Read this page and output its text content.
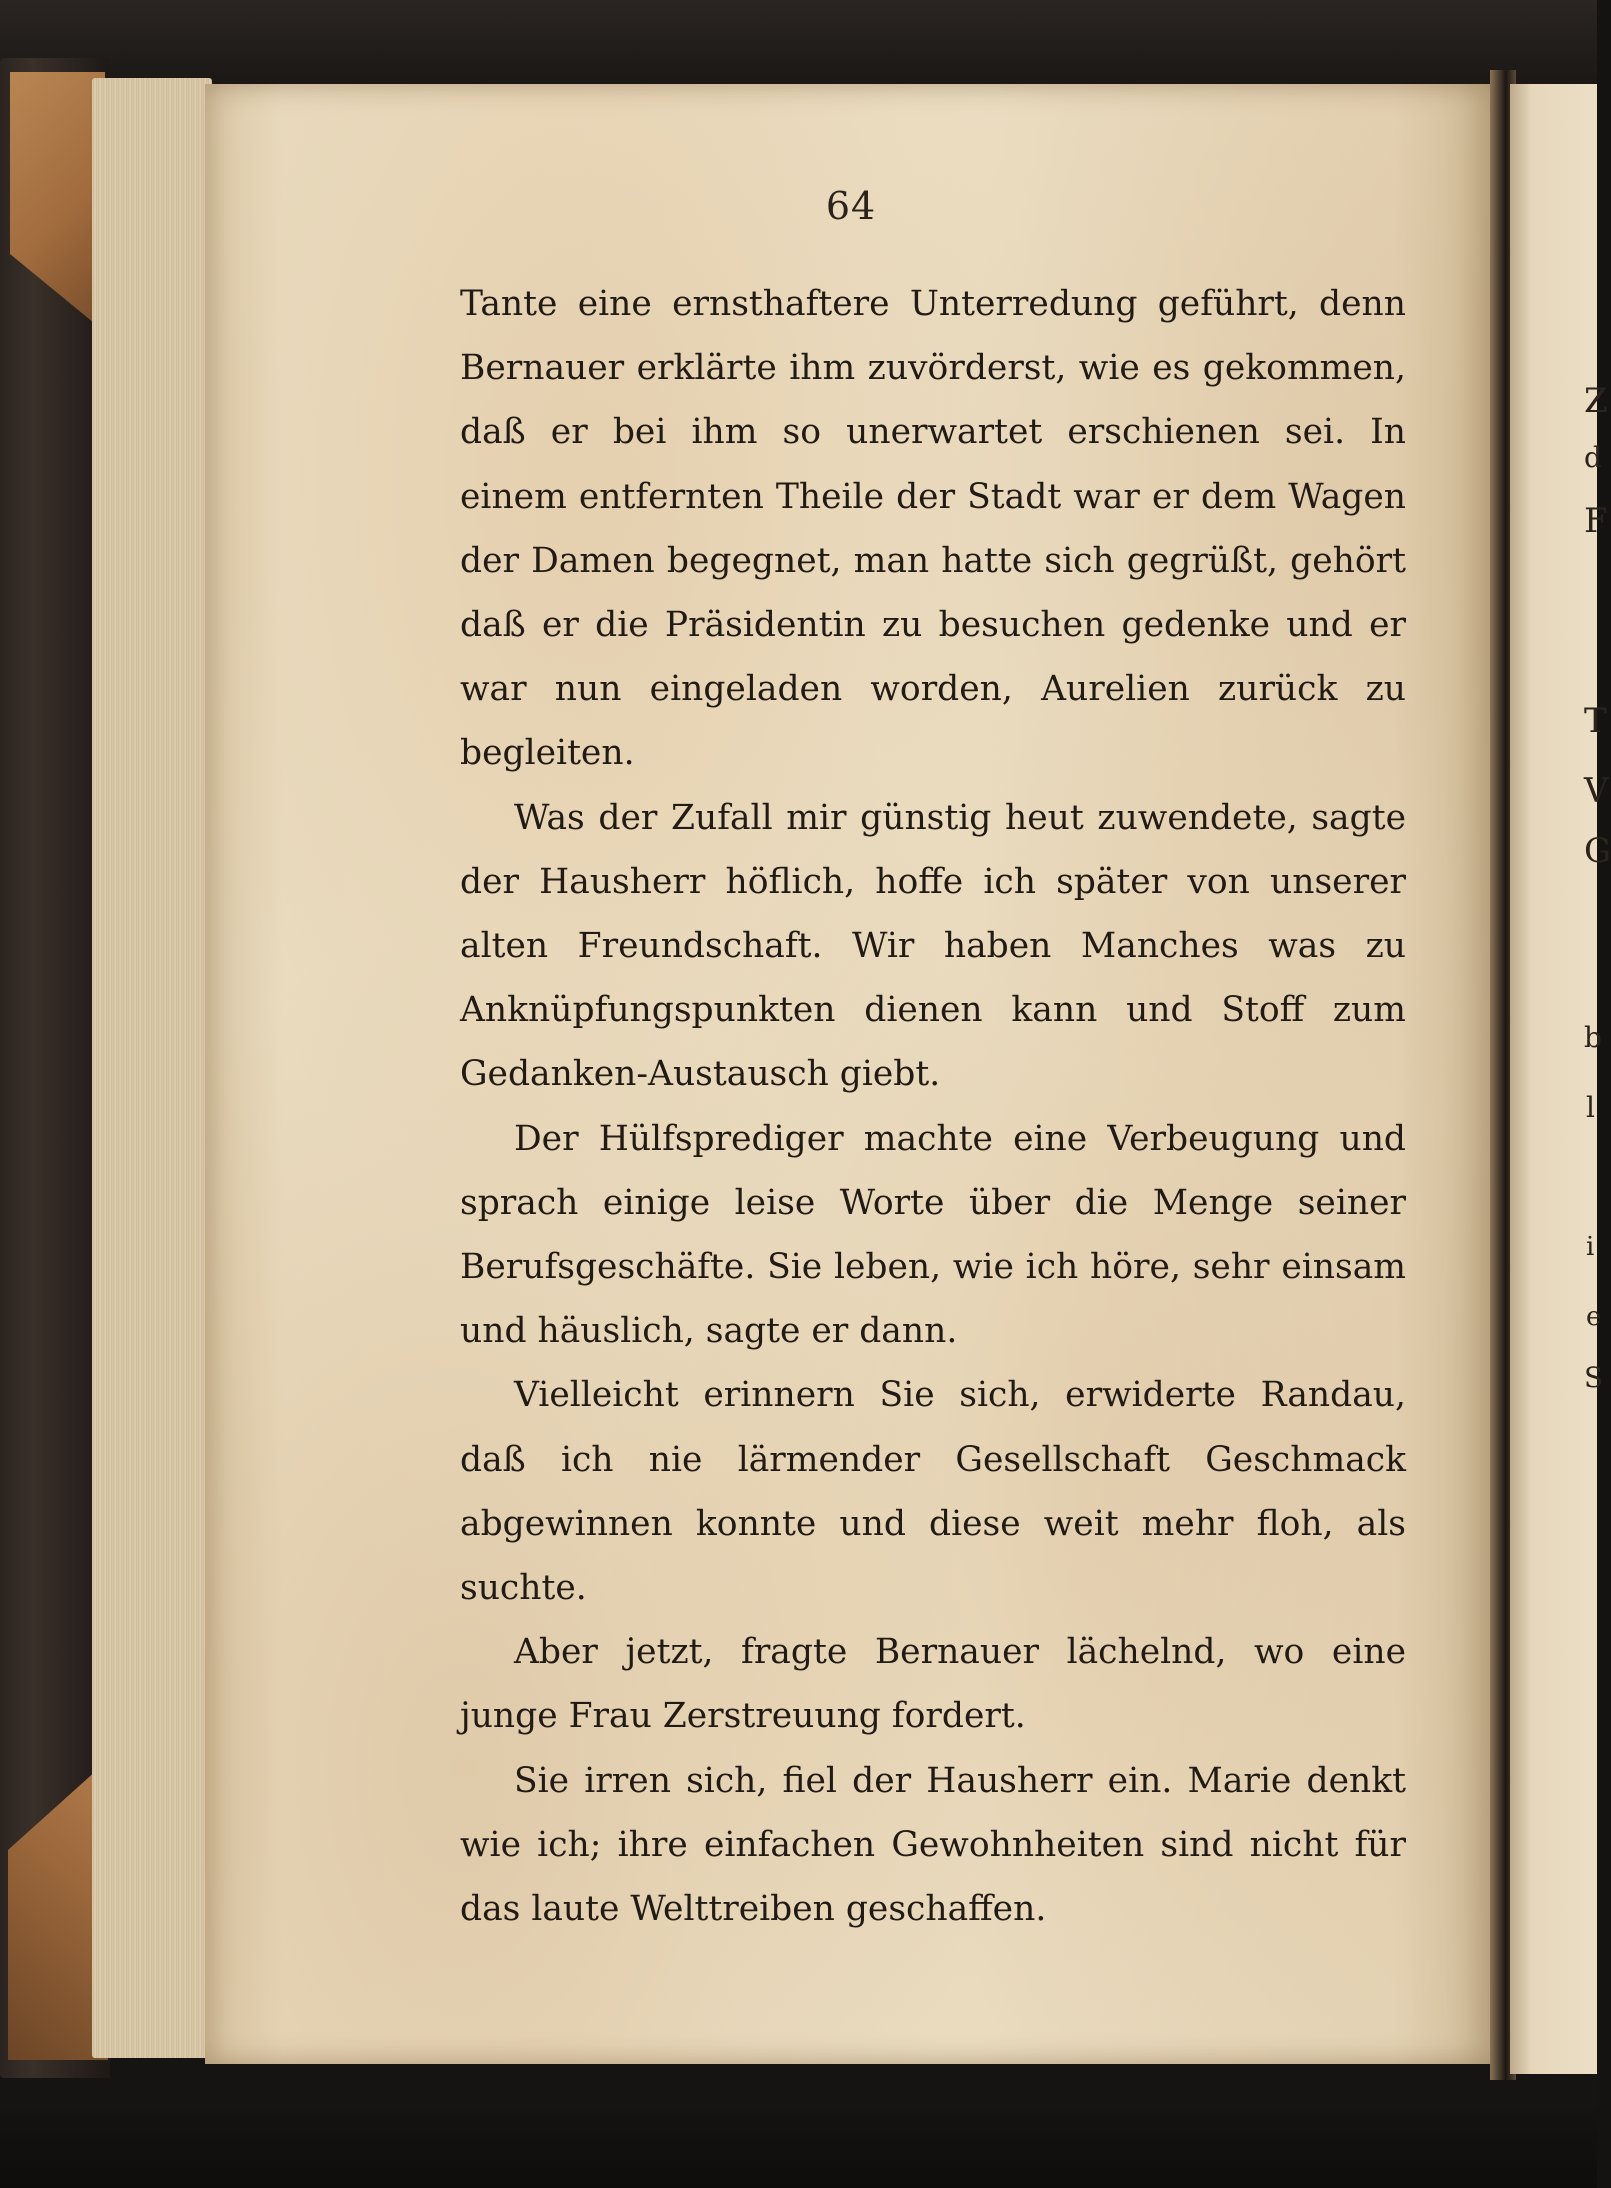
64

Tante eine ernsthaftere Unterredung geführt, denn Bernauer erklärte ihm zuvörderst, wie es gekommen, daß er bei ihm so unerwartet erschienen sei. In einem entfernten Theile der Stadt war er dem Wagen der Damen begegnet, man hatte sich gegrüßt, gehört daß er die Präsidentin zu besuchen gedenke und er war nun eingeladen worden, Aurelien zurück zu begleiten.

Was der Zufall mir günstig heut zuwendete, sagte der Hausherr höflich, hoffe ich später von unserer alten Freundschaft. Wir haben Manches was zu Anknüpfungspunkten dienen kann und Stoff zum Gedanken-Austausch giebt.

Der Hülfsprediger machte eine Verbeugung und sprach einige leise Worte über die Menge seiner Berufsgeschäfte. Sie leben, wie ich höre, sehr einsam und häuslich, sagte er dann.

Vielleicht erinnern Sie sich, erwiderte Randau, daß ich nie lärmender Gesellschaft Geschmack abgewinnen konnte und diese weit mehr floh, als suchte.

Aber jetzt, fragte Bernauer lächelnd, wo eine junge Frau Zerstreuung fordert.

Sie irren sich, fiel der Hausherr ein. Marie denkt wie ich; ihre einfachen Gewohnheiten sind nicht für das laute Welttreiben geschaffen.

Z
d
F
T
V
G
b
l
i
e
S
